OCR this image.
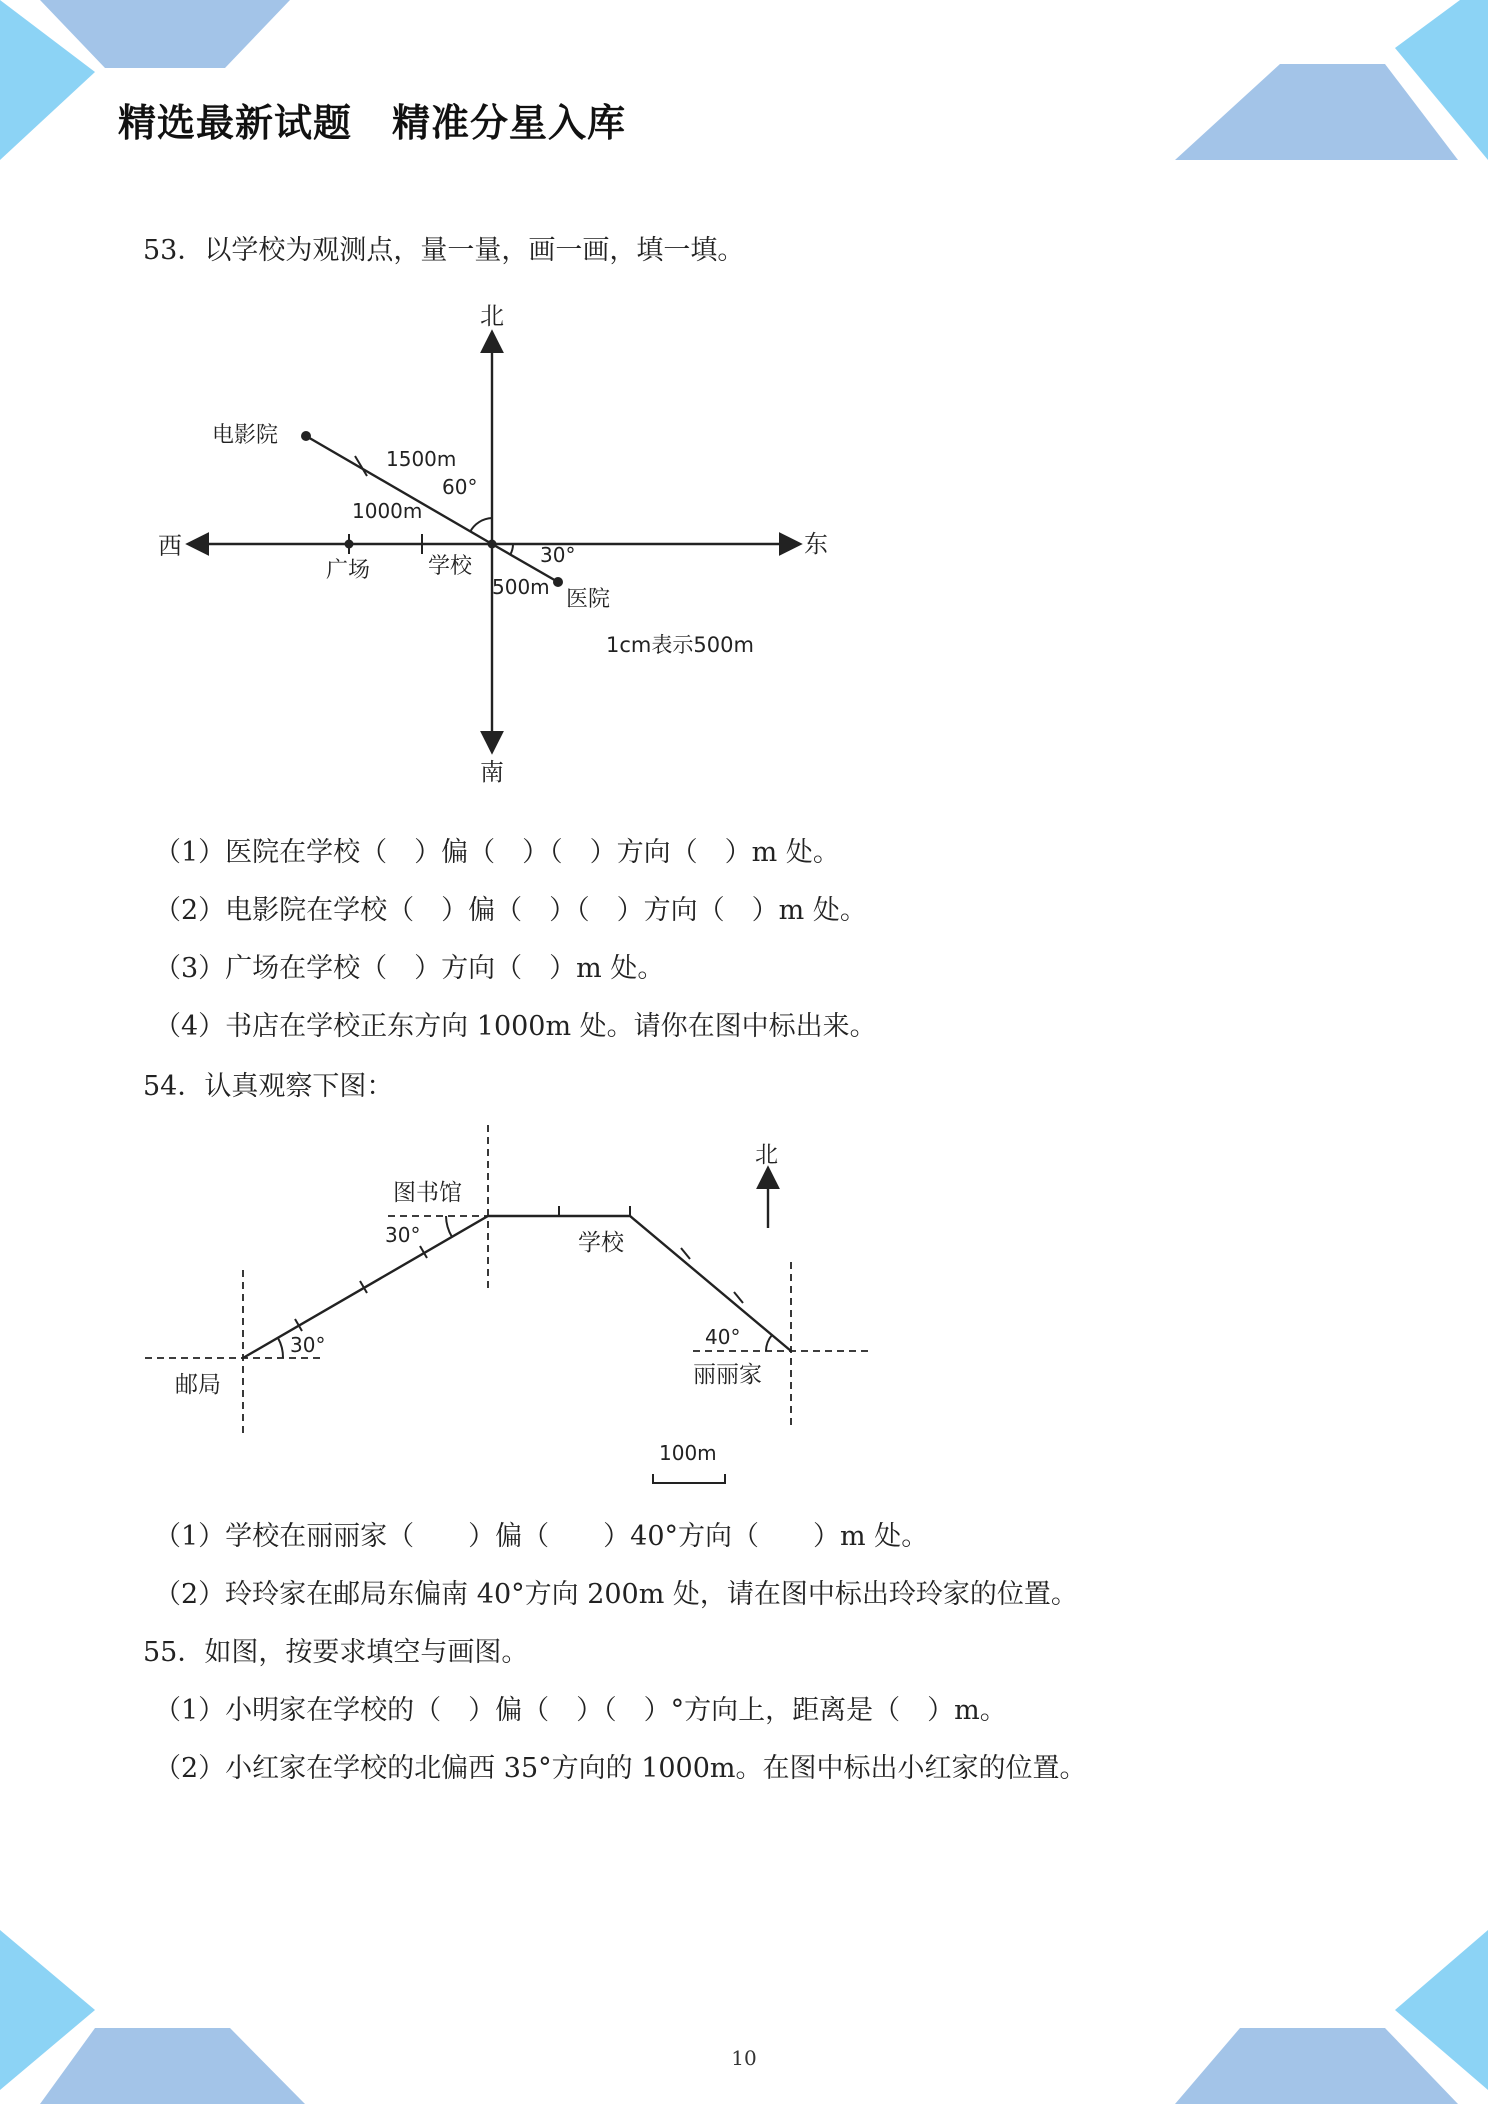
精选最新试题 精准分星入库
53．以学校为观测点，量一量，画一画，填一填。
北
南
东
西
电影院
医院
广场	学校
1500m
1000m
500m
60°
30°
1cm表示500m
（1）医院在学校（　）偏（　）（　）方向（　）m 处。
（2）电影院在学校（　）偏（　）（　）方向（　）m 处。
（3）广场在学校（　）方向（　）m 处。
（4）书店在学校正东方向 1000m 处。请你在图中标出来。
54．认真观察下图：
图书馆
学校
北
邮局	丽丽家
30°
30°
40°
100m
（1）学校在丽丽家（　　）偏（　　）40°方向（　　）m 处。
（2）玲玲家在邮局东偏南 40°方向 200m 处，请在图中标出玲玲家的位置。
55．如图，按要求填空与画图。
（1）小明家在学校的（　）偏（　）（　）°方向上，距离是（　）m。
（2）小红家在学校的北偏西 35°方向的 1000m。在图中标出小红家的位置。
10
